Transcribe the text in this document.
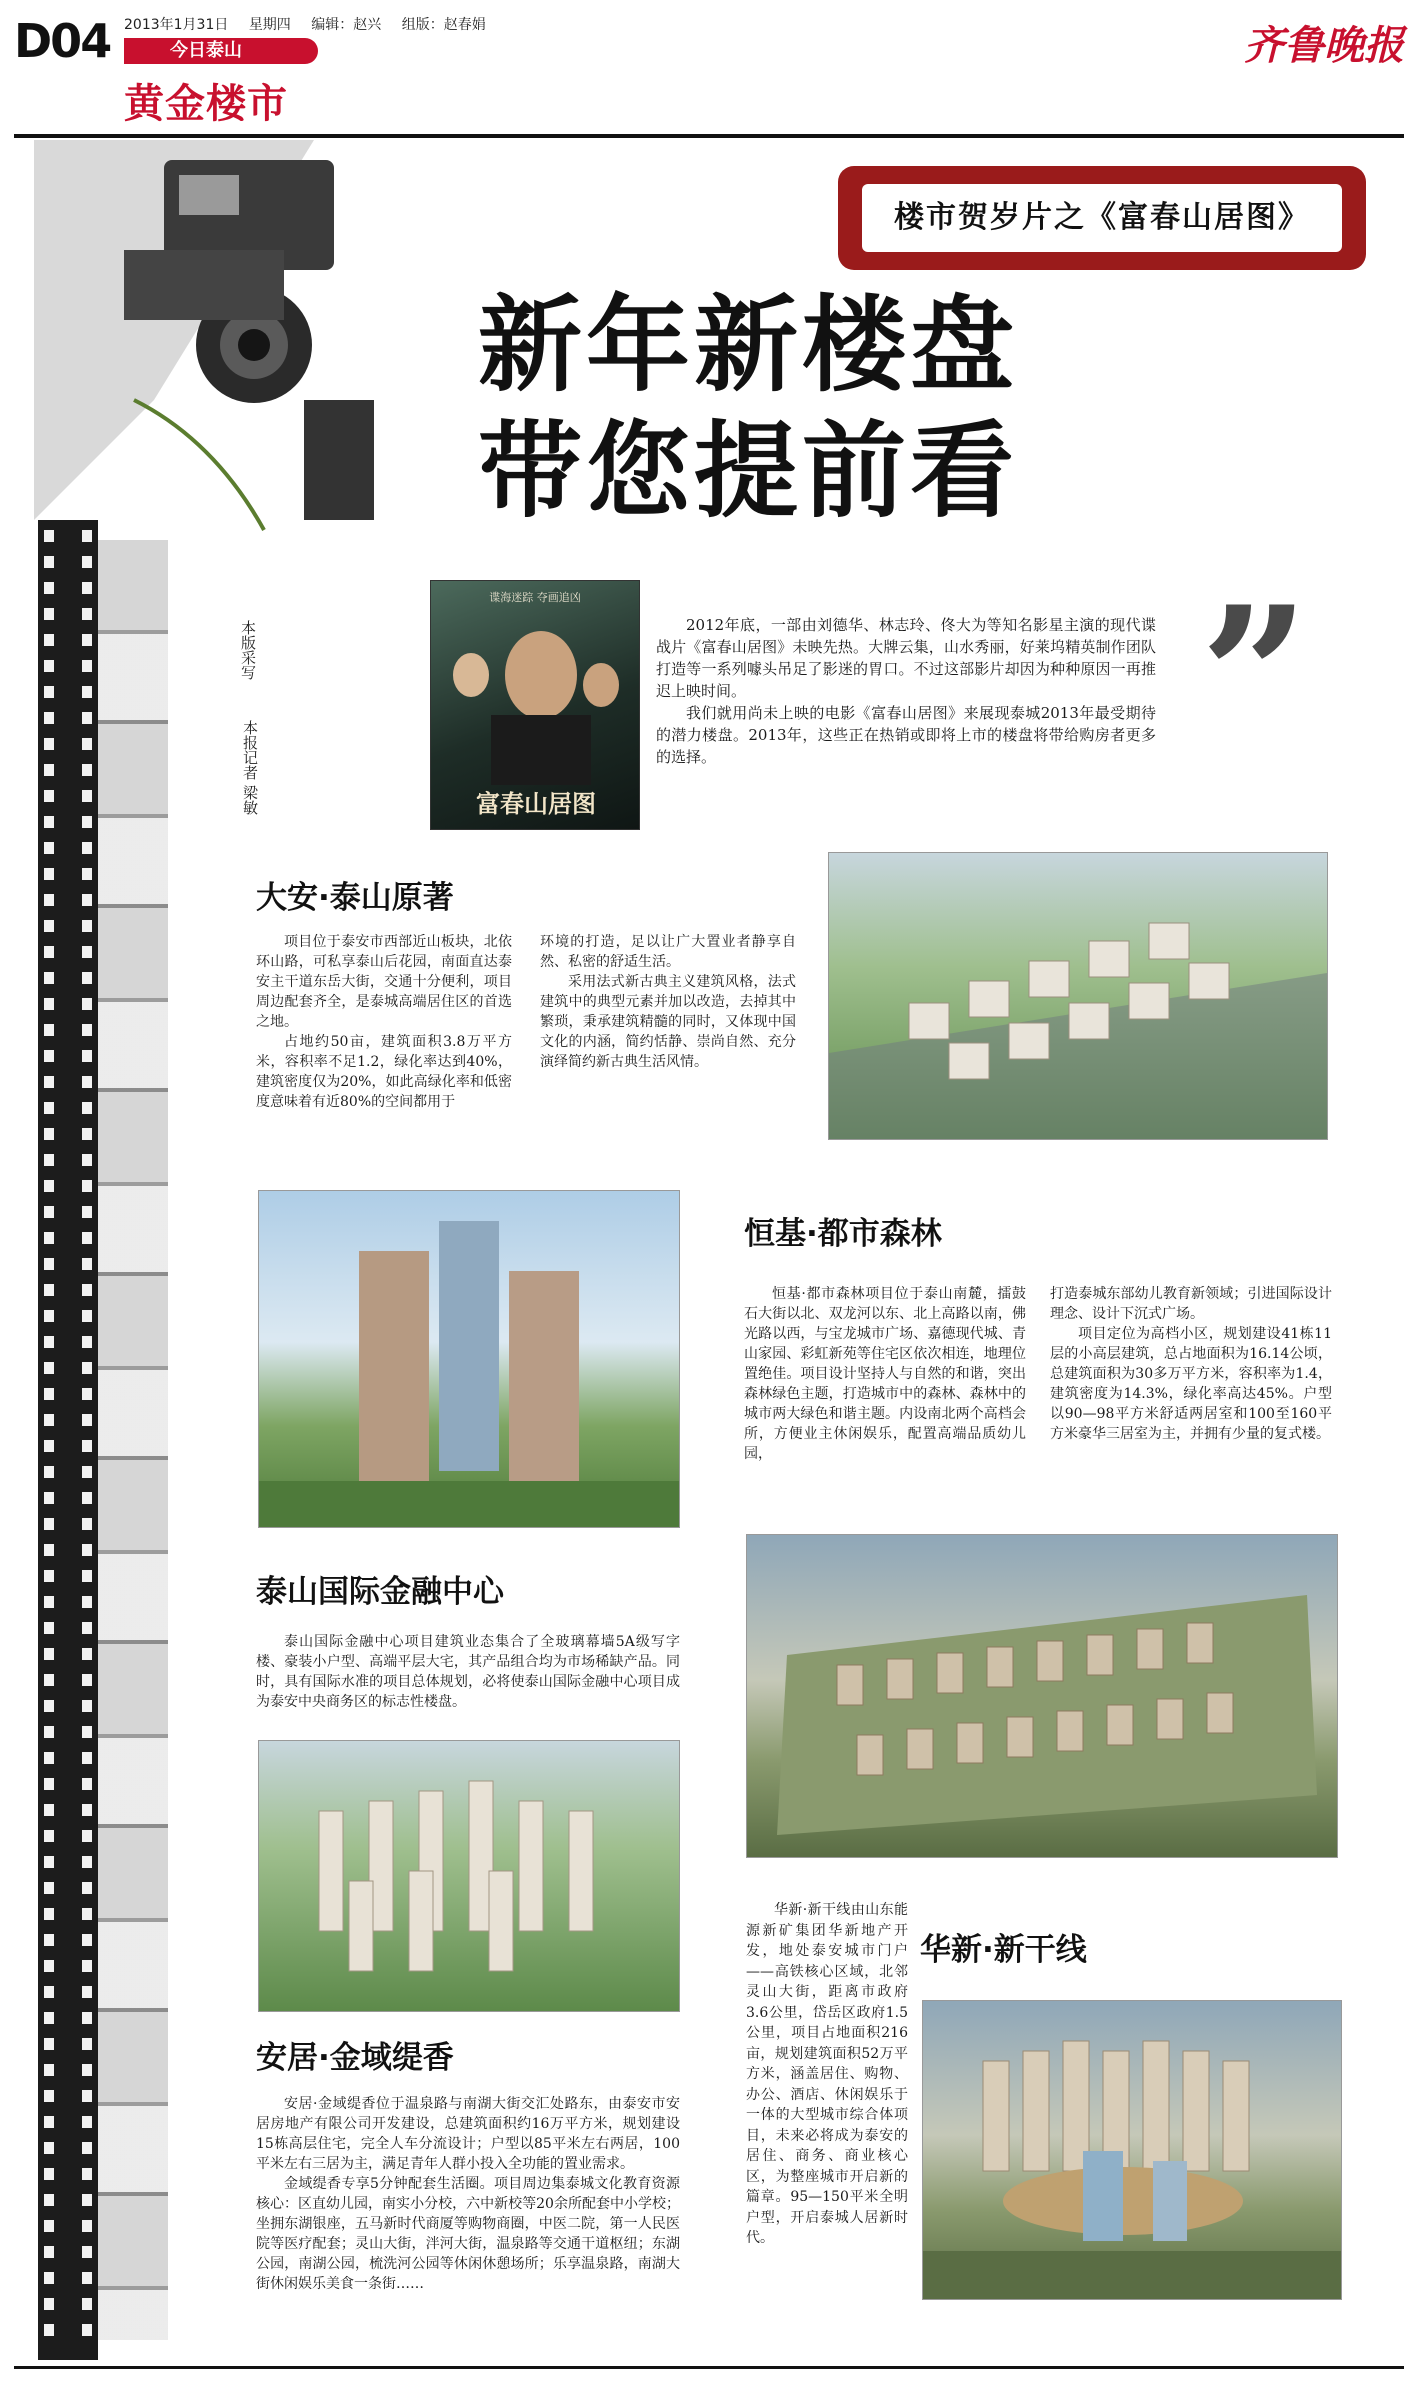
D04 2013年1月31日 星期四 编辑：赵兴 组版：赵春娟
今日泰山
黄金楼市
齐鲁晚报
楼市贺岁片之《富春山居图》
新年新楼盘
带您提前看
本版采写
本报记者 梁敏
谍海迷踪 夺画追凶
富春山居图

2012年底，一部由刘德华、林志玲、佟大为等知名影星主演的现代谍战片《富春山居图》未映先热。大牌云集，山水秀丽，好莱坞精英制作团队打造等一系列噱头吊足了影迷的胃口。不过这部影片却因为种种原因一再推迟上映时间。

我们就用尚未上映的电影《富春山居图》来展现泰城2013年最受期待的潜力楼盘。2013年，这些正在热销或即将上市的楼盘将带给购房者更多的选择。	”
大安·泰山原著

项目位于泰安市西部近山板块，北依环山路，可私享泰山后花园，南面直达泰安主干道东岳大街，交通十分便利，项目周边配套齐全，是泰城高端居住区的首选之地。

占地约50亩，建筑面积3.8万平方米，容积率不足1.2，绿化率达到40%，建筑密度仅为20%，如此高绿化率和低密度意味着有近80%的空间都用于

环境的打造，足以让广大置业者静享自然、私密的舒适生活。

采用法式新古典主义建筑风格，法式建筑中的典型元素并加以改造，去掉其中繁琐，秉承建筑精髓的同时，又体现中国文化的内涵，简约恬静、崇尚自然、充分演绎简约新古典生活风情。

恒基·都市森林

恒基·都市森林项目位于泰山南麓，擂鼓石大街以北、双龙河以东、北上高路以南，佛光路以西，与宝龙城市广场、嘉德现代城、青山家园、彩虹新苑等住宅区依次相连，地理位置绝佳。项目设计坚持人与自然的和谐，突出森林绿色主题，打造城市中的森林、森林中的城市两大绿色和谐主题。内设南北两个高档会所，方便业主休闲娱乐，配置高端品质幼儿园，

打造泰城东部幼儿教育新领域；引进国际设计理念、设计下沉式广场。

项目定位为高档小区，规划建设41栋11层的小高层建筑，总占地面积为16.14公顷，总建筑面积为30多万平方米，容积率为1.4，建筑密度为14.3%，绿化率高达45%。户型以90—98平方米舒适两居室和100至160平方米豪华三居室为主，并拥有少量的复式楼。

泰山国际金融中心

泰山国际金融中心项目建筑业态集合了全玻璃幕墙5A级写字楼、豪装小户型、高端平层大宅，其产品组合均为市场稀缺产品。同时，具有国际水准的项目总体规划，必将使泰山国际金融中心项目成为泰安中央商务区的标志性楼盘。

安居·金域缇香

安居·金域缇香位于温泉路与南湖大街交汇处路东，由泰安市安居房地产有限公司开发建设，总建筑面积约16万平方米，规划建设15栋高层住宅，完全人车分流设计；户型以85平米左右两居，100平米左右三居为主，满足青年人群小投入全功能的置业需求。

金域缇香专享5分钟配套生活圈。项目周边集泰城文化教育资源核心：区直幼儿园，南实小分校，六中新校等20余所配套中小学校；坐拥东湖银座，五马新时代商厦等购物商圈，中医二院，第一人民医院等医疗配套；灵山大街，泮河大街，温泉路等交通干道枢纽；东湖公园，南湖公园，梳洗河公园等休闲休憩场所；乐享温泉路，南湖大街休闲娱乐美食一条街……

华新·新干线由山东能源新矿集团华新地产开发，地处泰安城市门户——高铁核心区域，北邻灵山大街，距离市政府3.6公里，岱岳区政府1.5公里，项目占地面积216亩，规划建筑面积52万平方米，涵盖居住、购物、办公、酒店、休闲娱乐于一体的大型城市综合体项目，未来必将成为泰安的居住、商务、商业核心区，为整座城市开启新的篇章。95—150平米全明户型，开启泰城人居新时代。

华新·新干线
